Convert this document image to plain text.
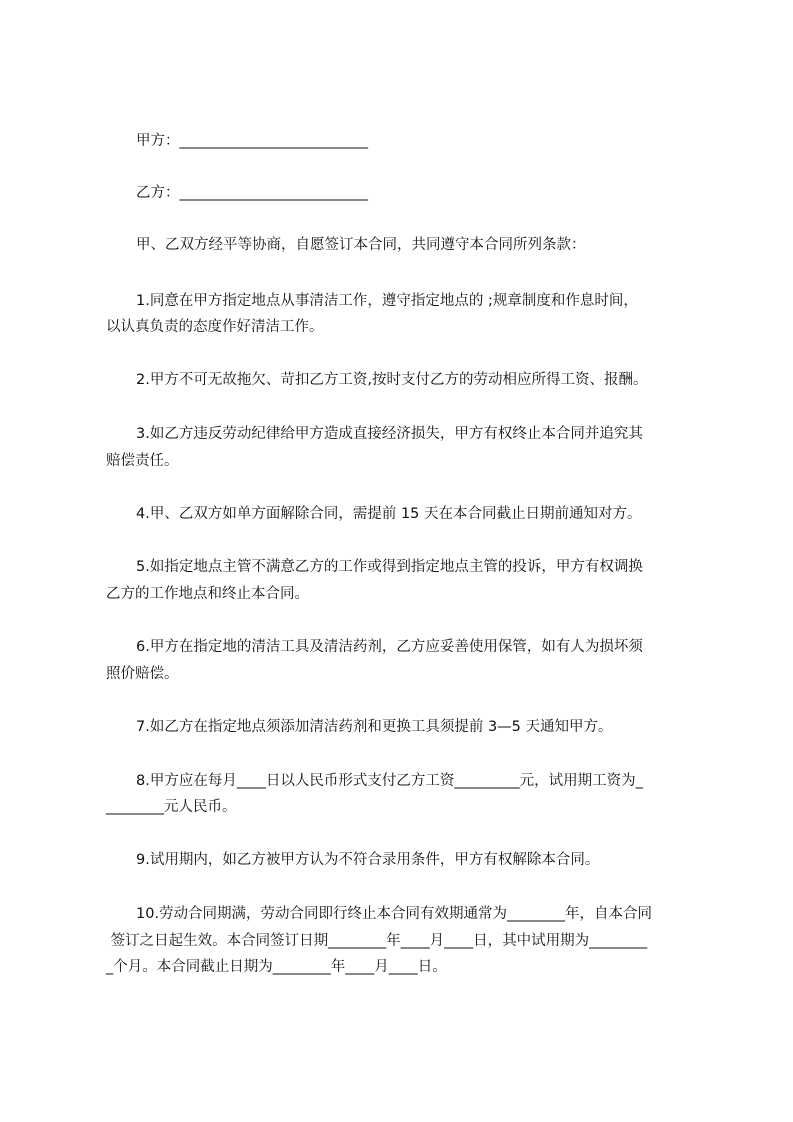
甲方：__________________________
乙方：__________________________
甲、乙双方经平等协商，自愿签订本合同，共同遵守本合同所列条款：
1.同意在甲方指定地点从事清洁工作，遵守指定地点的 ;规章制度和作息时间，
以认真负责的态度作好清洁工作。
2.甲方不可无故拖欠、苛扣乙方工资,按时支付乙方的劳动相应所得工资、报酬。
3.如乙方违反劳动纪律给甲方造成直接经济损失，甲方有权终止本合同并追究其
赔偿责任。
4.甲、乙双方如单方面解除合同，需提前 15 天在本合同截止日期前通知对方。
5.如指定地点主管不满意乙方的工作或得到指定地点主管的投诉，甲方有权调换
乙方的工作地点和终止本合同。
6.甲方在指定地的清洁工具及清洁药剂，乙方应妥善使用保管，如有人为损坏须
照价赔偿。
7.如乙方在指定地点须添加清洁药剂和更换工具须提前 3—5 天通知甲方。
8.甲方应在每月____日以人民币形式支付乙方工资_________元，试用期工资为_
________元人民币。
9.试用期内，如乙方被甲方认为不符合录用条件，甲方有权解除本合同。
10.劳动合同期满，劳动合同即行终止本合同有效期通常为________年，自本合同
签订之日起生效。本合同签订日期________年____月____日，其中试用期为________
_个月。本合同截止日期为________年____月____日。
